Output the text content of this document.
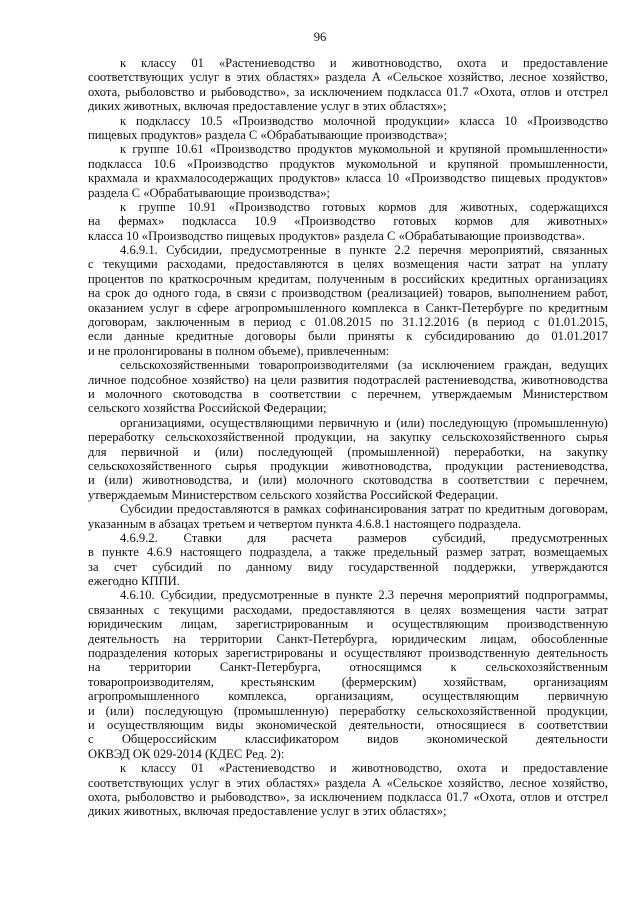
96
к классу 01 «Растениеводство и животноводство, охота и предоставление
соответствующих услуг в этих областях» раздела А «Сельское хозяйство, лесное хозяйство,
охота, рыболовство и рыбоводство», за исключением подкласса 01.7 «Охота, отлов и отстрел
диких животных, включая предоставление услуг в этих областях»;
к подклассу 10.5 «Производство молочной продукции» класса 10 «Производство
пищевых продуктов» раздела С «Обрабатывающие производства»;
к группе 10.61 «Производство продуктов мукомольной и крупяной промышленности»
подкласса 10.6 «Производство продуктов мукомольной и крупяной промышленности,
крахмала и крахмалосодержащих продуктов» класса 10 «Производство пищевых продуктов»
раздела С «Обрабатывающие производства»;
к группе 10.91 «Производство готовых кормов для животных, содержащихся
на фермах» подкласса 10.9 «Производство готовых кормов для животных»
класса 10 «Производство пищевых продуктов» раздела С «Обрабатывающие производства».
4.6.9.1. Субсидии, предусмотренные в пункте 2.2 перечня мероприятий, связанных
с текущими расходами, предоставляются в целях возмещения части затрат на уплату
процентов по краткосрочным кредитам, полученным в российских кредитных организациях
на срок до одного года, в связи с производством (реализацией) товаров, выполнением работ,
оказанием услуг в сфере агропромышленного комплекса в Санкт-Петербурге по кредитным
договорам, заключенным в период с 01.08.2015 по 31.12.2016 (в период с 01.01.2015,
если данные кредитные договоры были приняты к субсидированию до 01.01.2017
и не пролонгированы в полном объеме), привлеченным:
сельскохозяйственными товаропроизводителями (за исключением граждан, ведущих
личное подсобное хозяйство) на цели развития подотраслей растениеводства, животноводства
и молочного скотоводства в соответствии с перечнем, утверждаемым Министерством
сельского хозяйства Российской Федерации;
организациями, осуществляющими первичную и (или) последующую (промышленную)
переработку сельскохозяйственной продукции, на закупку сельскохозяйственного сырья
для первичной и (или) последующей (промышленной) переработки, на закупку
сельскохозяйственного сырья продукции животноводства, продукции растениеводства,
и (или) животноводства, и (или) молочного скотоводства в соответствии с перечнем,
утверждаемым Министерством сельского хозяйства Российской Федерации.
Субсидии предоставляются в рамках софинансирования затрат по кредитным договорам,
указанным в абзацах третьем и четвертом пункта 4.6.8.1 настоящего подраздела.
4.6.9.2. Ставки для расчета размеров субсидий, предусмотренных
в пункте 4.6.9 настоящего подраздела, а также предельный размер затрат, возмещаемых
за счет субсидий по данному виду государственной поддержки, утверждаются
ежегодно КППИ.
4.6.10. Субсидии, предусмотренные в пункте 2.3 перечня мероприятий подпрограммы,
связанных с текущими расходами, предоставляются в целях возмещения части затрат
юридическим лицам, зарегистрированным и осуществляющим производственную
деятельность на территории Санкт-Петербурга, юридическим лицам, обособленные
подразделения которых зарегистрированы и осуществляют производственную деятельность
на территории Санкт-Петербурга, относящимся к сельскохозяйственным
товаропроизводителям, крестьянским (фермерским) хозяйствам, организациям
агропромышленного комплекса, организациям, осуществляющим первичную
и (или) последующую (промышленную) переработку сельскохозяйственной продукции,
и осуществляющим виды экономической деятельности, относящиеся в соответствии
с Общероссийским классификатором видов экономической деятельности
ОКВЭД ОК 029-2014 (КДЕС Ред. 2):
к классу 01 «Растениеводство и животноводство, охота и предоставление
соответствующих услуг в этих областях» раздела А «Сельское хозяйство, лесное хозяйство,
охота, рыболовство и рыбоводство», за исключением подкласса 01.7 «Охота, отлов и отстрел
диких животных, включая предоставление услуг в этих областях»;
